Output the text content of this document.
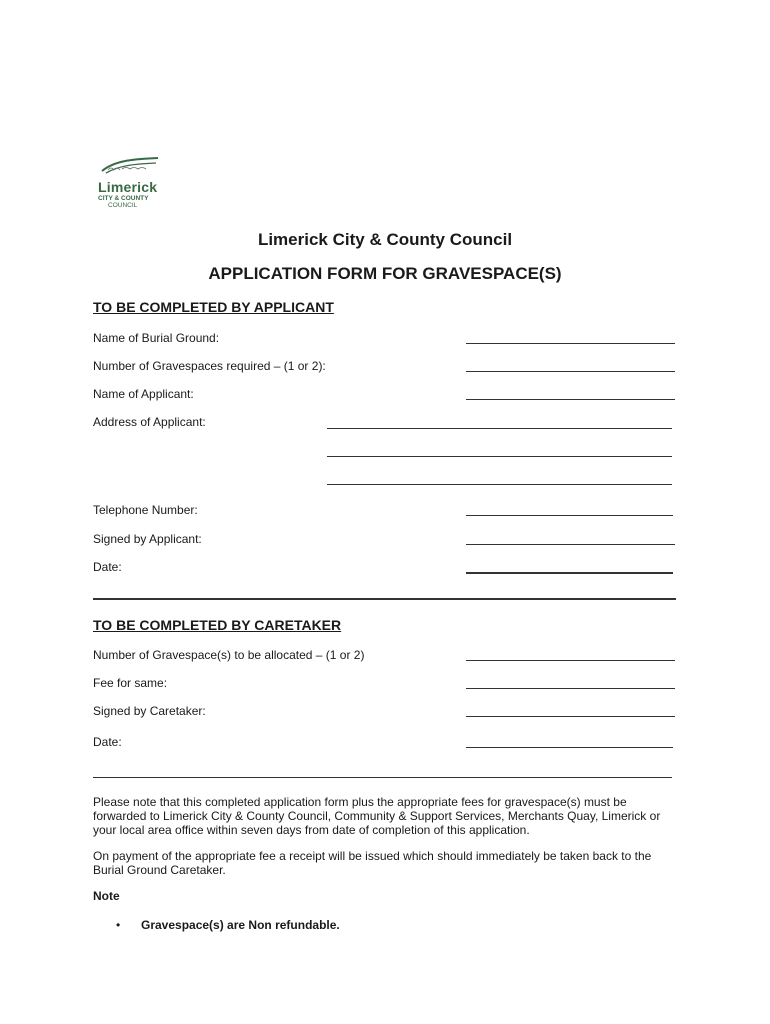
Limerick
CITY & COUNTY
COUNCIL
Limerick City & County Council
APPLICATION FORM FOR GRAVESPACE(S)
TO BE COMPLETED BY APPLICANT
Name of Burial Ground:
Number of Gravespaces required – (1 or 2):
Name of Applicant:
Address of Applicant:
Telephone Number:
Signed by Applicant:
Date:
TO BE COMPLETED BY CARETAKER
Number of Gravespace(s) to be allocated – (1 or 2)
Fee for same:
Signed by Caretaker:
Date:
Please note that this completed application form plus the appropriate fees for gravespace(s) must be forwarded to Limerick City & County Council, Community & Support Services, Merchants Quay, Limerick or your local area office within seven days from date of completion of this application.
On payment of the appropriate fee a receipt will be issued which should immediately be taken back to the Burial Ground Caretaker.
Note
• Gravespace(s) are Non refundable.
